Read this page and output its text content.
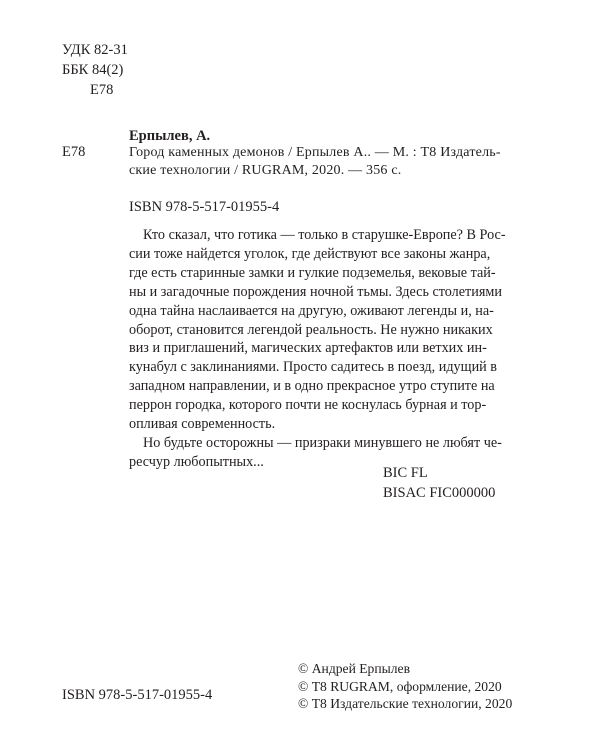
УДК 82-31
ББК 84(2)
Е78
Ерпылев, А.
Е78	Город каменных демонов / Ерпылев А.. — М. : Т8 Издатель-
ские технологии / RUGRAM, 2020. — 356 с.
ISBN 978-5-517-01955-4

Кто сказал, что готика — только в старушке-Европе? В Рос-
сии тоже найдется уголок, где действуют все законы жанра,
где есть старинные замки и гулкие подземелья, вековые тай-
ны и загадочные порождения ночной тьмы. Здесь столетиями
одна тайна наслаивается на другую, оживают легенды и, на-
оборот, становится легендой реальность. Не нужно никаких
виз и приглашений, магических артефактов или ветхих ин-
кунабул с заклинаниями. Просто садитесь в поезд, идущий в
западном направлении, и в одно прекрасное утро ступите на
перрон городка, которого почти не коснулась бурная и тор-
опливая современность.

Но будьте осторожны — призраки минувшего не любят че-
ресчур любопытных...

BIC FL
BISAC FIC000000
© Андрей Ерпылев
© Т8 RUGRAM, оформление, 2020
© Т8 Издательские технологии, 2020
ISBN 978-5-517-01955-4
